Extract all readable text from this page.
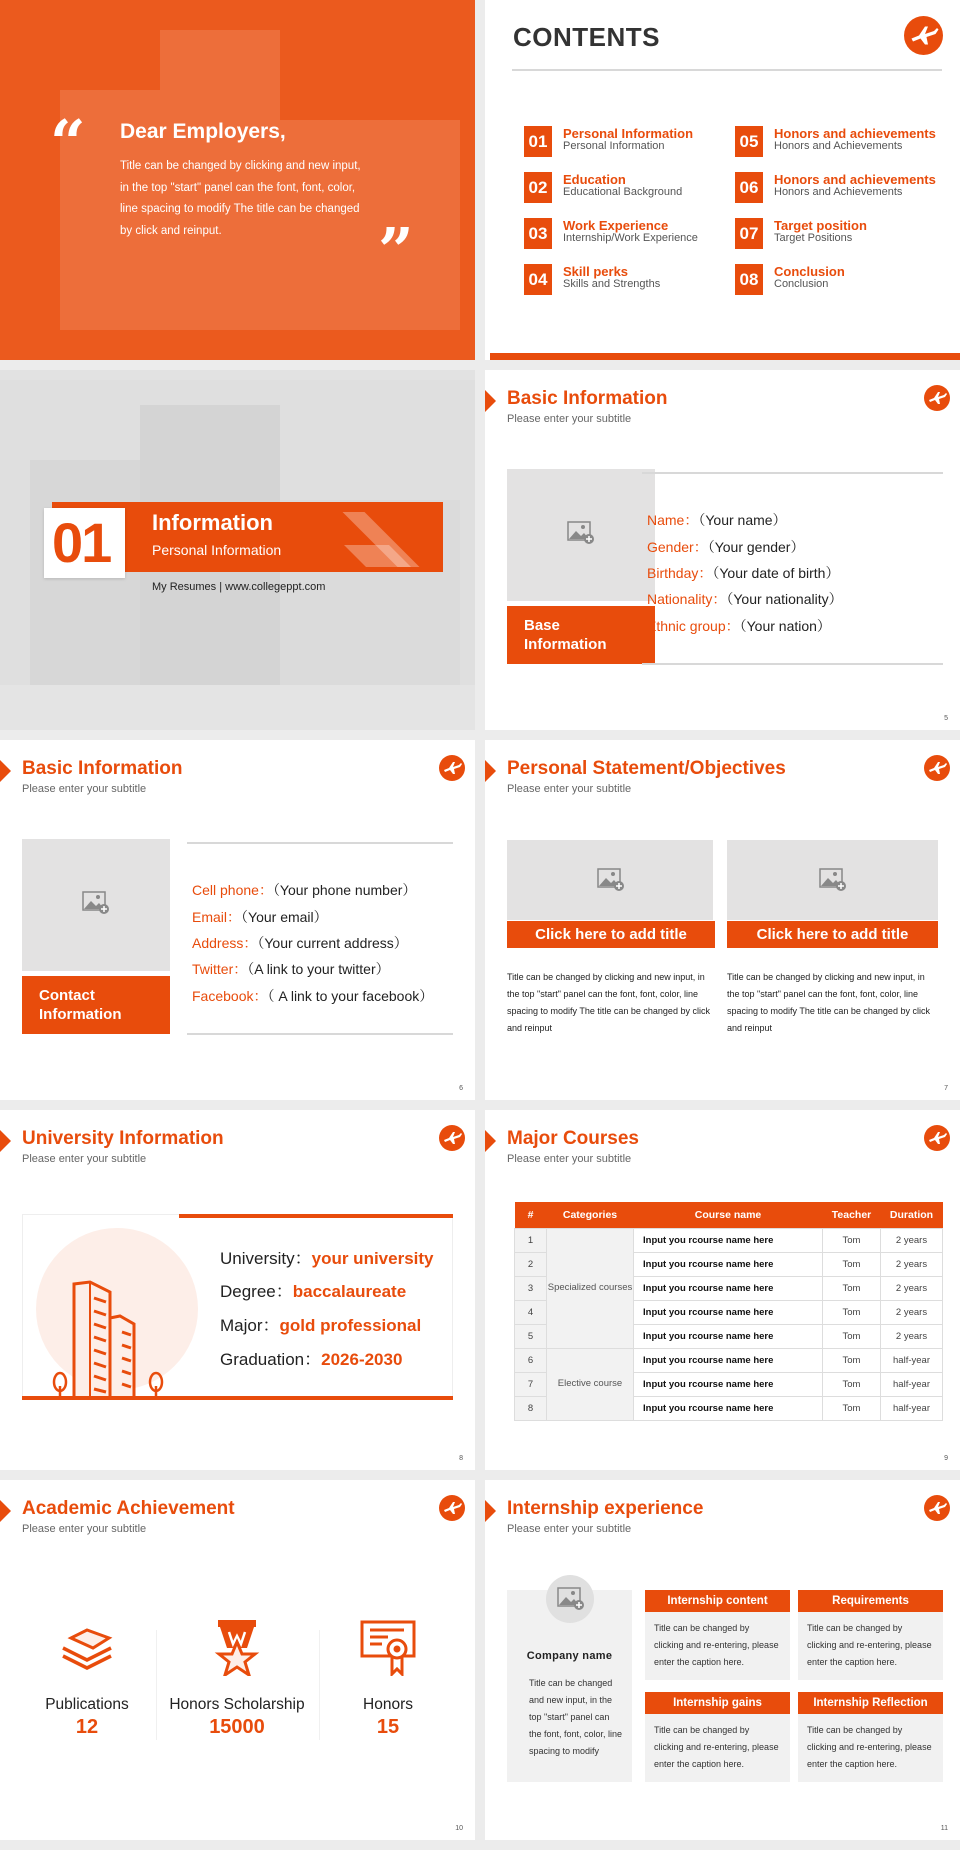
“ Dear Employers,
Title can be changed by clicking and new input, in the top "start" panel can the font, font, color, line spacing to modify The title can be changed by click and reinput.	”
CONTENTS
01	Personal Information
Personal Information
02	Education
Educational Background
03	Work Experience
Internship/Work Experience
04	Skill perks
Skills and Strengths
05	Honors and achievements
Honors and Achievements
06	Honors and achievements
Honors and Achievements
07	Target position
Target Positions
08	Conclusion
Conclusion
01 Information
Personal Information
My Resumes | www.collegeppt.com
Basic Information
Please enter your subtitle
Base Information
Name：（Your name）
Gender：（Your gender）
Birthday：（Your date of birth）
Nationality：（Your nationality）
Ethnic group：（Your nation）
5
Basic Information
Please enter your subtitle
Contact Information
Cell phone：（Your phone number）
Email：（Your email）
Address：（Your current address）
Twitter：（A link to your twitter）
Facebook：（ A link to your facebook）
6
Personal Statement/Objectives
Please enter your subtitle
Click here to add title
Title can be changed by clicking and new input, in the top "start" panel can the font, font, color, line spacing to modify The title can be changed by click and reinput
Click here to add title
Title can be changed by clicking and new input, in the top "start" panel can the font, font, color, line spacing to modify The title can be changed by click and reinput
7
University Information
Please enter your subtitle
University：your university
Degree：baccalaureate
Major：gold professional
Graduation：2026-2030
8
Major Courses
Please enter your subtitle
#	Categories	Course name	Teacher	Duration
1	Specialized courses	Input you rcourse name here	Tom	2 years
2		Input you rcourse name here	Tom	2 years
3		Input you rcourse name here	Tom	2 years
4		Input you rcourse name here	Tom	2 years
5		Input you rcourse name here	Tom	2 years
6	Elective course	Input you rcourse name here	Tom	half-year
7		Input you rcourse name here	Tom	half-year
8		Input you rcourse name here	Tom	half-year
9
Academic Achievement
Please enter your subtitle
Publications
12
Honors Scholarship
15000
Honors
15
10
Internship experience
Please enter your subtitle
Company name
Title can be changed and new input, in the top "start" panel can the font, font, color, line spacing to modify
Internship content
Title can be changed by clicking and re-entering, please enter the caption here.
Requirements
Title can be changed by clicking and re-entering, please enter the caption here.
Internship gains
Title can be changed by clicking and re-entering, please enter the caption here.
Internship Reflection
Title can be changed by clicking and re-entering, please enter the caption here.
11
